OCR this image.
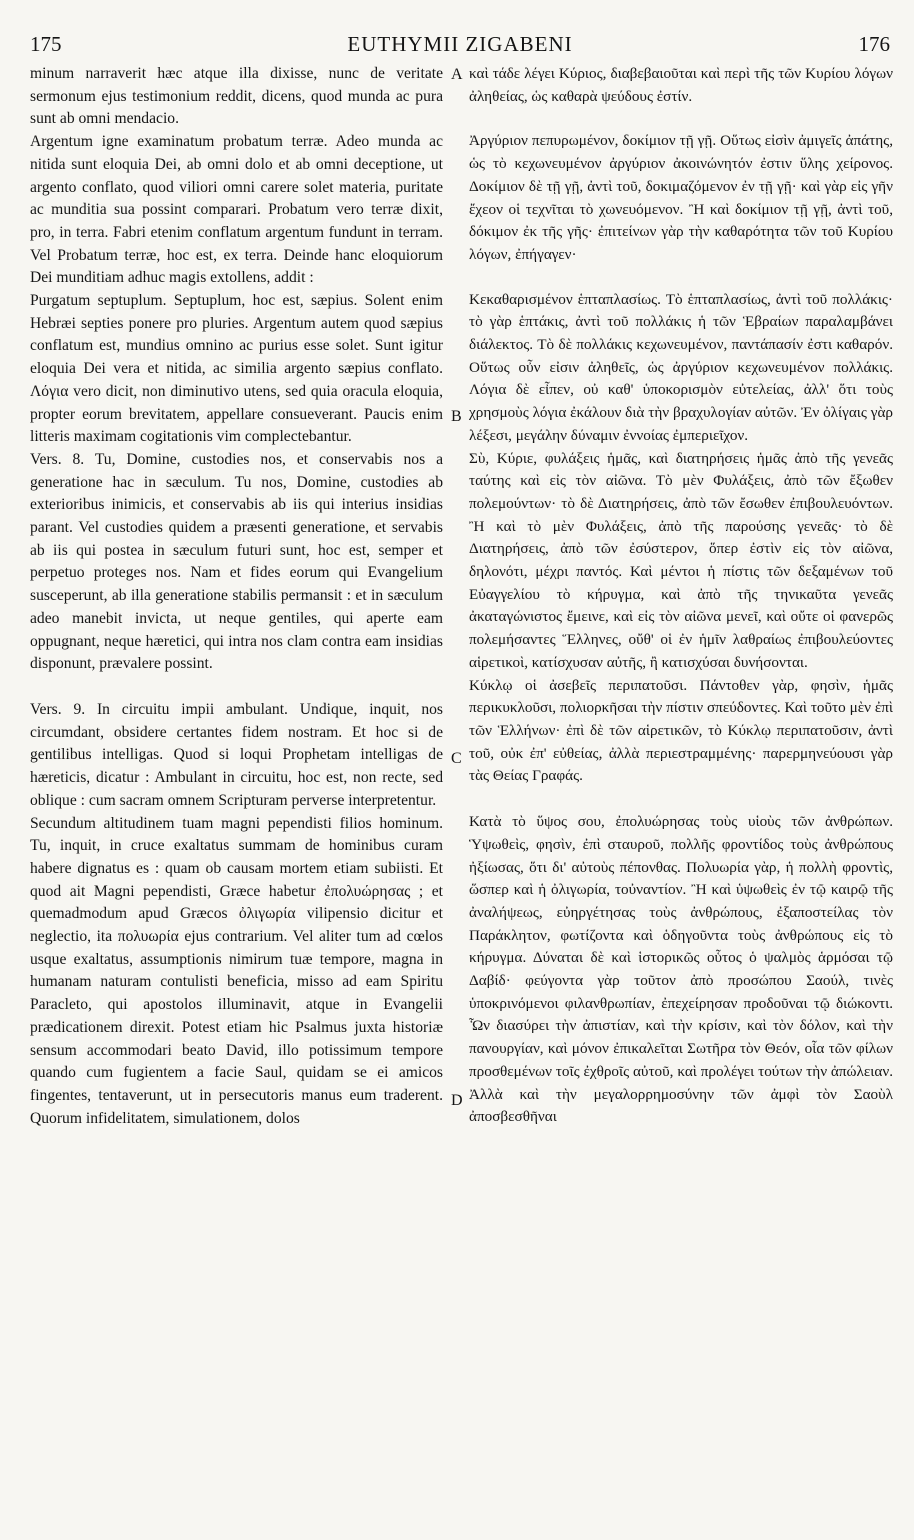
175	EUTHYMII ZIGABENI	176

minum narraverit hæc atque illa dixisse, nunc de veritate sermonum ejus testimonium reddit, dicens, quod munda ac pura sunt ab omni mendacio.

Argentum igne examinatum probatum terræ. Adeo munda ac nitida sunt eloquia Dei, ab omni dolo et ab omni deceptione, ut argento conflato, quod viliori omni carere solet materia, puritate ac munditia sua possint comparari. Probatum vero terræ dixit, pro, in terra. Fabri etenim conflatum argentum fundunt in terram. Vel Probatum terræ, hoc est, ex terra. Deinde hanc eloquiorum Dei munditiam adhuc magis extollens, addit :

Purgatum septuplum. Septuplum, hoc est, sæpius. Solent enim Hebræi septies ponere pro pluries. Argentum autem quod sæpius conflatum est, mundius omnino ac purius esse solet. Sunt igitur eloquia Dei vera et nitida, ac similia argento sæpius conflato. Λόγια vero dicit, non diminutivo utens, sed quia oracula eloquia, propter eorum brevitatem, appellare consueverant. Paucis enim litteris maximam cogitationis vim complectebantur.

Vers. 8. Tu, Domine, custodies nos, et conservabis nos a generatione hac in sæculum. Tu nos, Domine, custodies ab exterioribus inimicis, et conservabis ab iis qui interius insidias parant. Vel custodies quidem a præsenti generatione, et servabis ab iis qui postea in sæculum futuri sunt, hoc est, semper et perpetuo proteges nos. Nam et fides eorum qui Evangelium susceperunt, ab illa generatione stabilis permansit : et in sæculum adeo manebit invicta, ut neque gentiles, qui aperte eam oppugnant, neque hæretici, qui intra nos clam contra eam insidias disponunt, prævalere possint.

Vers. 9. In circuitu impii ambulant. Undique, inquit, nos circumdant, obsidere certantes fidem nostram. Et hoc si de gentilibus intelligas. Quod si loqui Prophetam intelligas de hæreticis, dicatur : Ambulant in circuitu, hoc est, non recte, sed oblique : cum sacram omnem Scripturam perverse interpretentur.

Secundum altitudinem tuam magni pependisti filios hominum. Tu, inquit, in cruce exaltatus summam de hominibus curam habere dignatus es : quam ob causam mortem etiam subiisti. Et quod ait Magni pependisti, Græce habetur ἐπολυώρησας ; et quemadmodum apud Græcos ὀλιγωρία vilipensio dicitur et neglectio, ita πολυωρία ejus contrarium. Vel aliter tum ad cœlos usque exaltatus, assumptionis nimirum tuæ tempore, magna in humanam naturam contulisti beneficia, misso ad eam Spiritu Paracleto, qui apostolos illuminavit, atque in Evangelii prædicationem direxit. Potest etiam hic Psalmus juxta historiæ sensum accommodari beato David, illo potissimum tempore quando cum fugientem a facie Saul, quidam se ei amicos fingentes, tentaverunt, ut in persecutoris manus eum traderent. Quorum infidelitatem, simulationem, dolos

A
B
C
D

καὶ τάδε λέγει Κύριος, διαβεβαιοῦται καὶ περὶ τῆς τῶν Κυρίου λόγων ἀληθείας, ὡς καθαρὰ ψεύδους ἐστίν.

Ἀργύριον πεπυρωμένον, δοκίμιον τῇ γῇ. Οὕτως εἰσὶν ἀμιγεῖς ἀπάτης, ὡς τὸ κεχωνευμένον ἀργύριον ἀκοινώνητόν ἐστιν ὕλης χείρονος. Δοκίμιον δὲ τῇ γῇ, ἀντὶ τοῦ, δοκιμαζόμενον ἐν τῇ γῇ· καὶ γὰρ εἰς γῆν ἔχεον οἱ τεχνῖται τὸ χωνευόμενον. Ἢ καὶ δοκίμιον τῇ γῇ, ἀντὶ τοῦ, δόκιμον ἐκ τῆς γῆς· ἐπιτείνων γὰρ τὴν καθαρότητα τῶν τοῦ Κυρίου λόγων, ἐπήγαγεν·

Κεκαθαρισμένον ἑπταπλασίως. Τὸ ἑπταπλασίως, ἀντὶ τοῦ πολλάκις· τὸ γὰρ ἑπτάκις, ἀντὶ τοῦ πολλάκις ἡ τῶν Ἑβραίων παραλαμβάνει διάλεκτος. Τὸ δὲ πολλάκις κεχωνευμένον, παντάπασίν ἐστι καθαρόν. Οὕτως οὖν εἰσιν ἀληθεῖς, ὡς ἀργύριον κεχωνευμένον πολλάκις. Λόγια δὲ εἶπεν, οὐ καθ' ὑποκορισμὸν εὐτελείας, ἀλλ' ὅτι τοὺς χρησμοὺς λόγια ἐκάλουν διὰ τὴν βραχυλογίαν αὐτῶν. Ἐν ὀλίγαις γὰρ λέξεσι, μεγάλην δύναμιν ἐννοίας ἐμπεριεῖχον.

Σὺ, Κύριε, φυλάξεις ἡμᾶς, καὶ διατηρήσεις ἡμᾶς ἀπὸ τῆς γενεᾶς ταύτης καὶ εἰς τὸν αἰῶνα. Τὸ μὲν Φυλάξεις, ἀπὸ τῶν ἔξωθεν πολεμούντων· τὸ δὲ Διατηρήσεις, ἀπὸ τῶν ἔσωθεν ἐπιβουλευόντων. Ἢ καὶ τὸ μὲν Φυλάξεις, ἀπὸ τῆς παρούσης γενεᾶς· τὸ δὲ Διατηρήσεις, ἀπὸ τῶν ἐσύστερον, ὅπερ ἐστὶν εἰς τὸν αἰῶνα, δηλονότι, μέχρι παντός. Καὶ μέντοι ἡ πίστις τῶν δεξαμένων τοῦ Εὐαγγελίου τὸ κήρυγμα, καὶ ἀπὸ τῆς τηνικαῦτα γενεᾶς ἀκαταγώνιστος ἔμεινε, καὶ εἰς τὸν αἰῶνα μενεῖ, καὶ οὔτε οἱ φανερῶς πολεμήσαντες Ἕλληνες, οὔθ' οἱ ἐν ἡμῖν λαθραίως ἐπιβουλεύοντες αἱρετικοὶ, κατίσχυσαν αὐτῆς, ἢ κατισχύσαι δυνήσονται.

Κύκλῳ οἱ ἀσεβεῖς περιπατοῦσι. Πάντοθεν γὰρ, φησὶν, ἡμᾶς περικυκλοῦσι, πολιορκῆσαι τὴν πίστιν σπεύδοντες. Καὶ τοῦτο μὲν ἐπὶ τῶν Ἑλλήνων· ἐπὶ δὲ τῶν αἱρετικῶν, τὸ Κύκλῳ περιπατοῦσιν, ἀντὶ τοῦ, οὐκ ἐπ' εὐθείας, ἀλλὰ περιεστραμμένης· παρερμηνεύουσι γὰρ τὰς Θείας Γραφάς.

Κατὰ τὸ ὕψος σου, ἐπολυώρησας τοὺς υἱοὺς τῶν ἀνθρώπων. Ὑψωθεὶς, φησὶν, ἐπὶ σταυροῦ, πολλῆς φροντίδος τοὺς ἀνθρώπους ἠξίωσας, ὅτι δι' αὐτοὺς πέπονθας. Πολυωρία γὰρ, ἡ πολλὴ φροντὶς, ὥσπερ καὶ ἡ ὀλιγωρία, τοὐναντίον. Ἢ καὶ ὑψωθεὶς ἐν τῷ καιρῷ τῆς ἀναλήψεως, εὐηργέτησας τοὺς ἀνθρώπους, ἐξαποστείλας τὸν Παράκλητον, φωτίζοντα καὶ ὁδηγοῦντα τοὺς ἀνθρώπους εἰς τὸ κήρυγμα. Δύναται δὲ καὶ ἱστορικῶς οὗτος ὁ ψαλμὸς ἁρμόσαι τῷ Δαβίδ· φεύγοντα γὰρ τοῦτον ἀπὸ προσώπου Σαούλ, τινὲς ὑποκρινόμενοι φιλανθρωπίαν, ἐπεχείρησαν προδοῦναι τῷ διώκοντι. Ὧν διασύρει τὴν ἀπιστίαν, καὶ τὴν κρίσιν, καὶ τὸν δόλον, καὶ τὴν πανουργίαν, καὶ μόνον ἐπικαλεῖται Σωτῆρα τὸν Θεόν, οἷα τῶν φίλων προσθεμένων τοῖς ἐχθροῖς αὐτοῦ, καὶ προλέγει τούτων τὴν ἀπώλειαν. Ἀλλὰ καὶ τὴν μεγαλορρημοσύνην τῶν ἀμφὶ τὸν Σαοὺλ ἀποσβεσθῆναι
